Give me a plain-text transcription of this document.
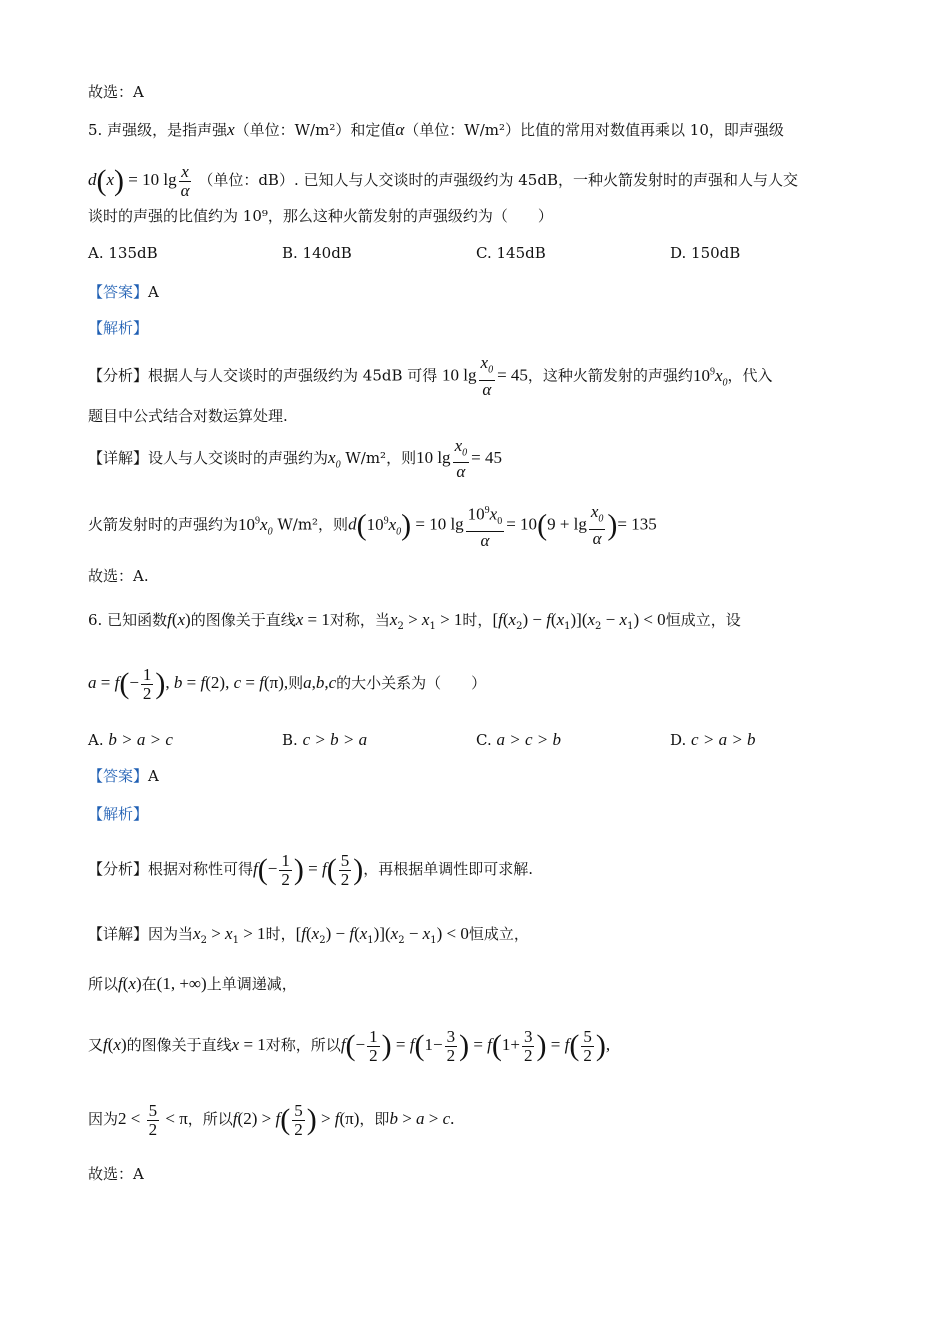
故选：A
5. 声强级，是指声强x（单位：W/m²）和定值α（单位：W/m²）比值的常用对数值再乘以 10，即声强级
d(x) = 10 $\lg \frac{x}{\alpha}$ （单位：dB）. 已知人与人交谈时的声强级约为 45dB，一种火箭发射时的声强和人与人交
谈时的声强的比值约为 10⁹，那么这种火箭发射的声强级约为（　　）
A. 135dB	B. 140dB	C. 145dB	D. 150dB
【答案】A
【解析】
【分析】根据人与人交谈时的声强级约为 45dB 可得 10 $\lg \frac{x_0}{\alpha} = 45$，这种火箭发射的声强约$10^9x_0$，代入
题目中公式结合对数运算处理.
【详解】设人与人交谈时的声强约为$x_0$ W/m²，则10 $\lg \frac{x_0}{\alpha} = 45$
火箭发射时的声强约为$10^9x_0$ W/m²，则$d(10^9x_0) = 10$ $\lg \frac{10^9x_0}{\alpha} = 10(9 + \lg \frac{x_0}{\alpha}$ )= 135
故选：A.
6. 已知函数f(x)的图像关于直线x = 1对称，当$x_2 > x_1 > 1$时，$[f(x_2) - f(x_1)](x_2 - x_1) < 0$恒成立，设
$a = f(- \frac{1}{2}$ ), b = f(2), c = f(π),则a,b,c的大小关系为（　　）
A. b > a > c	B. c > b > a	C. a > c > b	D. c > a > b
【答案】A
【解析】
【分析】根据对称性可得$f(- \frac{1}{2}$ ) = $f( \frac{5}{2}$ )，再根据单调性即可求解.
【详解】因为当$x_2 > x_1 > 1$时，$[f(x_2) - f(x_1)](x_2 - x_1) < 0$恒成立，
所以f(x)在(1, +∞)上单调递减，
又f(x)的图像关于直线x = 1对称，所以$f(- \frac{1}{2}$ ) = $f(1- \frac{3}{2}$ ) = $f(1+ \frac{3}{2}$ ) = $f( \frac{5}{2}$ ),
因为$2 < \frac{5}{2} < \pi$，所以$f(2) > f( \frac{5}{2}$ ) > f(π)，即b > a > c.
故选：A
